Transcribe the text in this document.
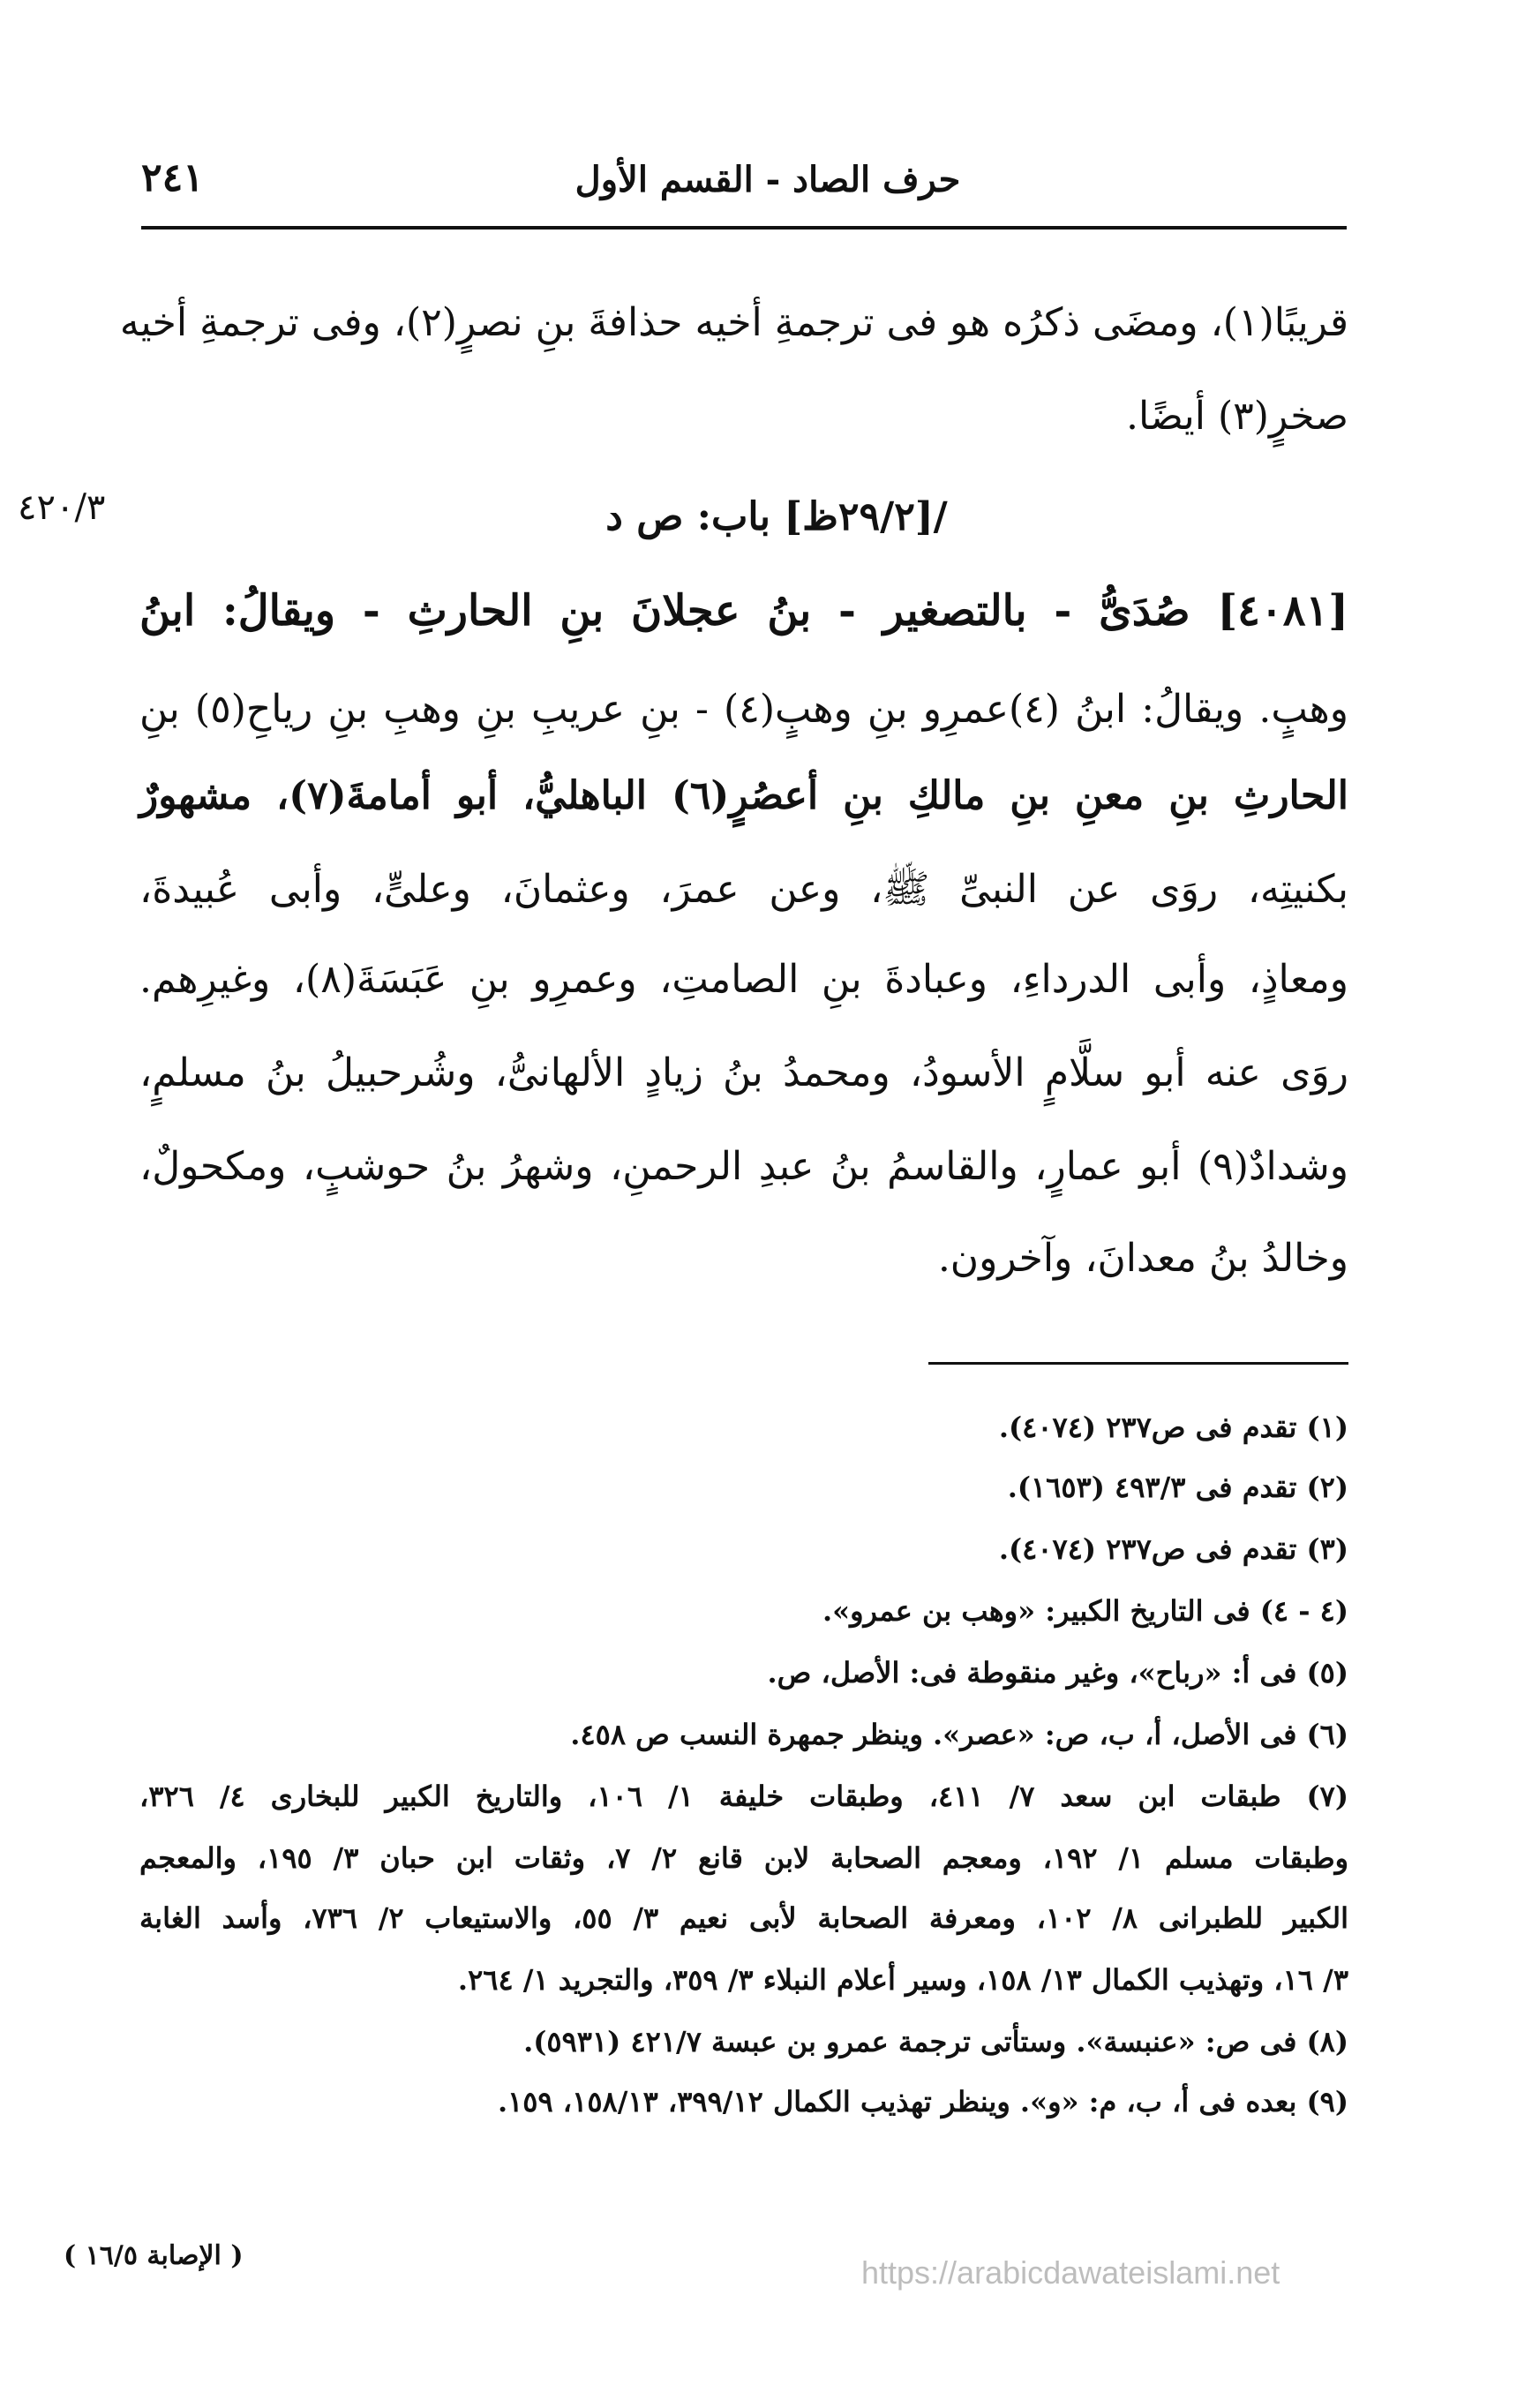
حرف الصاد - القسم الأول
٢٤١
قريبًا(١)، ومضَى ذكرُه هو فى ترجمةِ أخيه حذافةَ بنِ نصرٍ(٢)، وفى ترجمةِ أخيه
صخرٍ(٣) أيضًا.
٤٢٠/٣	/[٢٩/٢ظ] باب: ص د
[٤٠٨١] صُدَىُّ - بالتصغير - بنُ عجلانَ بنِ الحارثِ - ويقالُ: ابنُ
وهبٍ. ويقالُ: ابنُ (٤)عمرِو بنِ وهبٍ(٤) - بنِ عريبِ بنِ وهبِ بنِ رياحِ(٥) بنِ
الحارثِ بنِ معنِ بنِ مالكِ بنِ أعصُرٍ(٦) الباهليُّ، أبو أمامةَ(٧)، مشهورٌ
بكنيتِه، روَى عن النبىِّ ﷺ، وعن عمرَ، وعثمانَ، وعلىٍّ، وأبى عُبيدةَ،
ومعاذٍ، وأبى الدرداءِ، وعبادةَ بنِ الصامتِ، وعمرِو بنِ عَبَسَةَ(٨)، وغيرِهم.
روَى عنه أبو سلَّامٍ الأسودُ، ومحمدُ بنُ زيادٍ الألهانىُّ، وشُرحبيلُ بنُ مسلمٍ،
وشدادٌ(٩) أبو عمارٍ، والقاسمُ بنُ عبدِ الرحمنِ، وشهرُ بنُ حوشبٍ، ومكحولٌ،
وخالدُ بنُ معدانَ، وآخرون.
(١) تقدم فى ص٢٣٧ (٤٠٧٤).
(٢) تقدم فى ٤٩٣/٣ (١٦٥٣).
(٣) تقدم فى ص٢٣٧ (٤٠٧٤).
(٤ - ٤) فى التاريخ الكبير: «وهب بن عمرو».
(٥) فى أ: «رباح»، وغير منقوطة فى: الأصل، ص.
(٦) فى الأصل، أ، ب، ص: «عصر». وينظر جمهرة النسب ص ٤٥٨.
(٧) طبقات ابن سعد ٧/ ٤١١، وطبقات خليفة ١/ ١٠٦، والتاريخ الكبير للبخارى ٤/ ٣٢٦،
وطبقات مسلم ١/ ١٩٢، ومعجم الصحابة لابن قانع ٢/ ٧، وثقات ابن حبان ٣/ ١٩٥، والمعجم
الكبير للطبرانى ٨/ ١٠٢، ومعرفة الصحابة لأبى نعيم ٣/ ٥٥، والاستيعاب ٢/ ٧٣٦، وأسد الغابة
٣/ ١٦، وتهذيب الكمال ١٣/ ١٥٨، وسير أعلام النبلاء ٣/ ٣٥٩، والتجريد ١/ ٢٦٤.
(٨) فى ص: «عنبسة». وستأتى ترجمة عمرو بن عبسة ٤٢١/٧ (٥٩٣١).
(٩) بعده فى أ، ب، م: «و». وينظر تهذيب الكمال ٣٩٩/١٢، ١٥٨/١٣، ١٥٩.
( الإصابة ١٦/٥ )	https://arabicdawateislami.net
